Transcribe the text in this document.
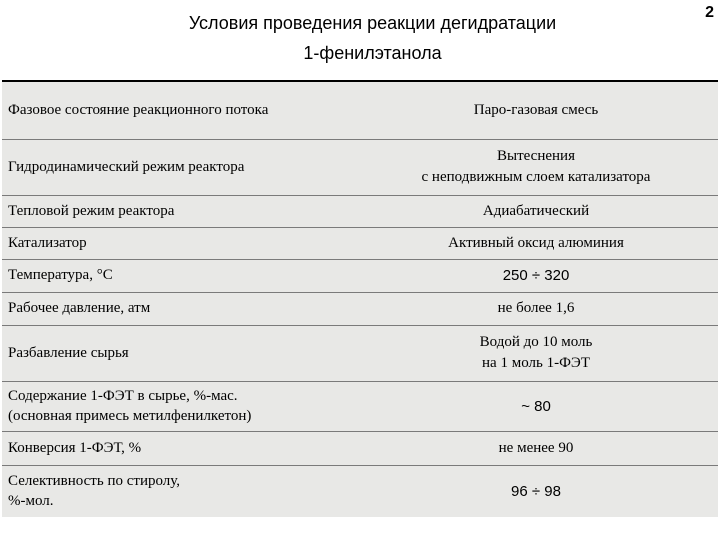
2
Условия проведения реакции дегидратации
1-фенилэтанола
Фазовое состояние реакционного потока	Паро-газовая смесь

Гидродинамический режим реактора	Вытеснения
с неподвижным слоем катализатора

Тепловой режим реактора	Адиабатический

Катализатор	Активный оксид алюминия

Температура, °С	250 ÷ 320

Рабочее давление, атм	не более 1,6

Разбавление сырья	Водой до 10 моль
на 1 моль 1-ФЭТ

Содержание 1-ФЭТ в сырье, %-мас.
(основная примесь метилфенилкетон)	~ 80

Конверсия 1-ФЭТ, %	не менее 90

Селективность по стиролу,
%-мол.	96 ÷ 98
